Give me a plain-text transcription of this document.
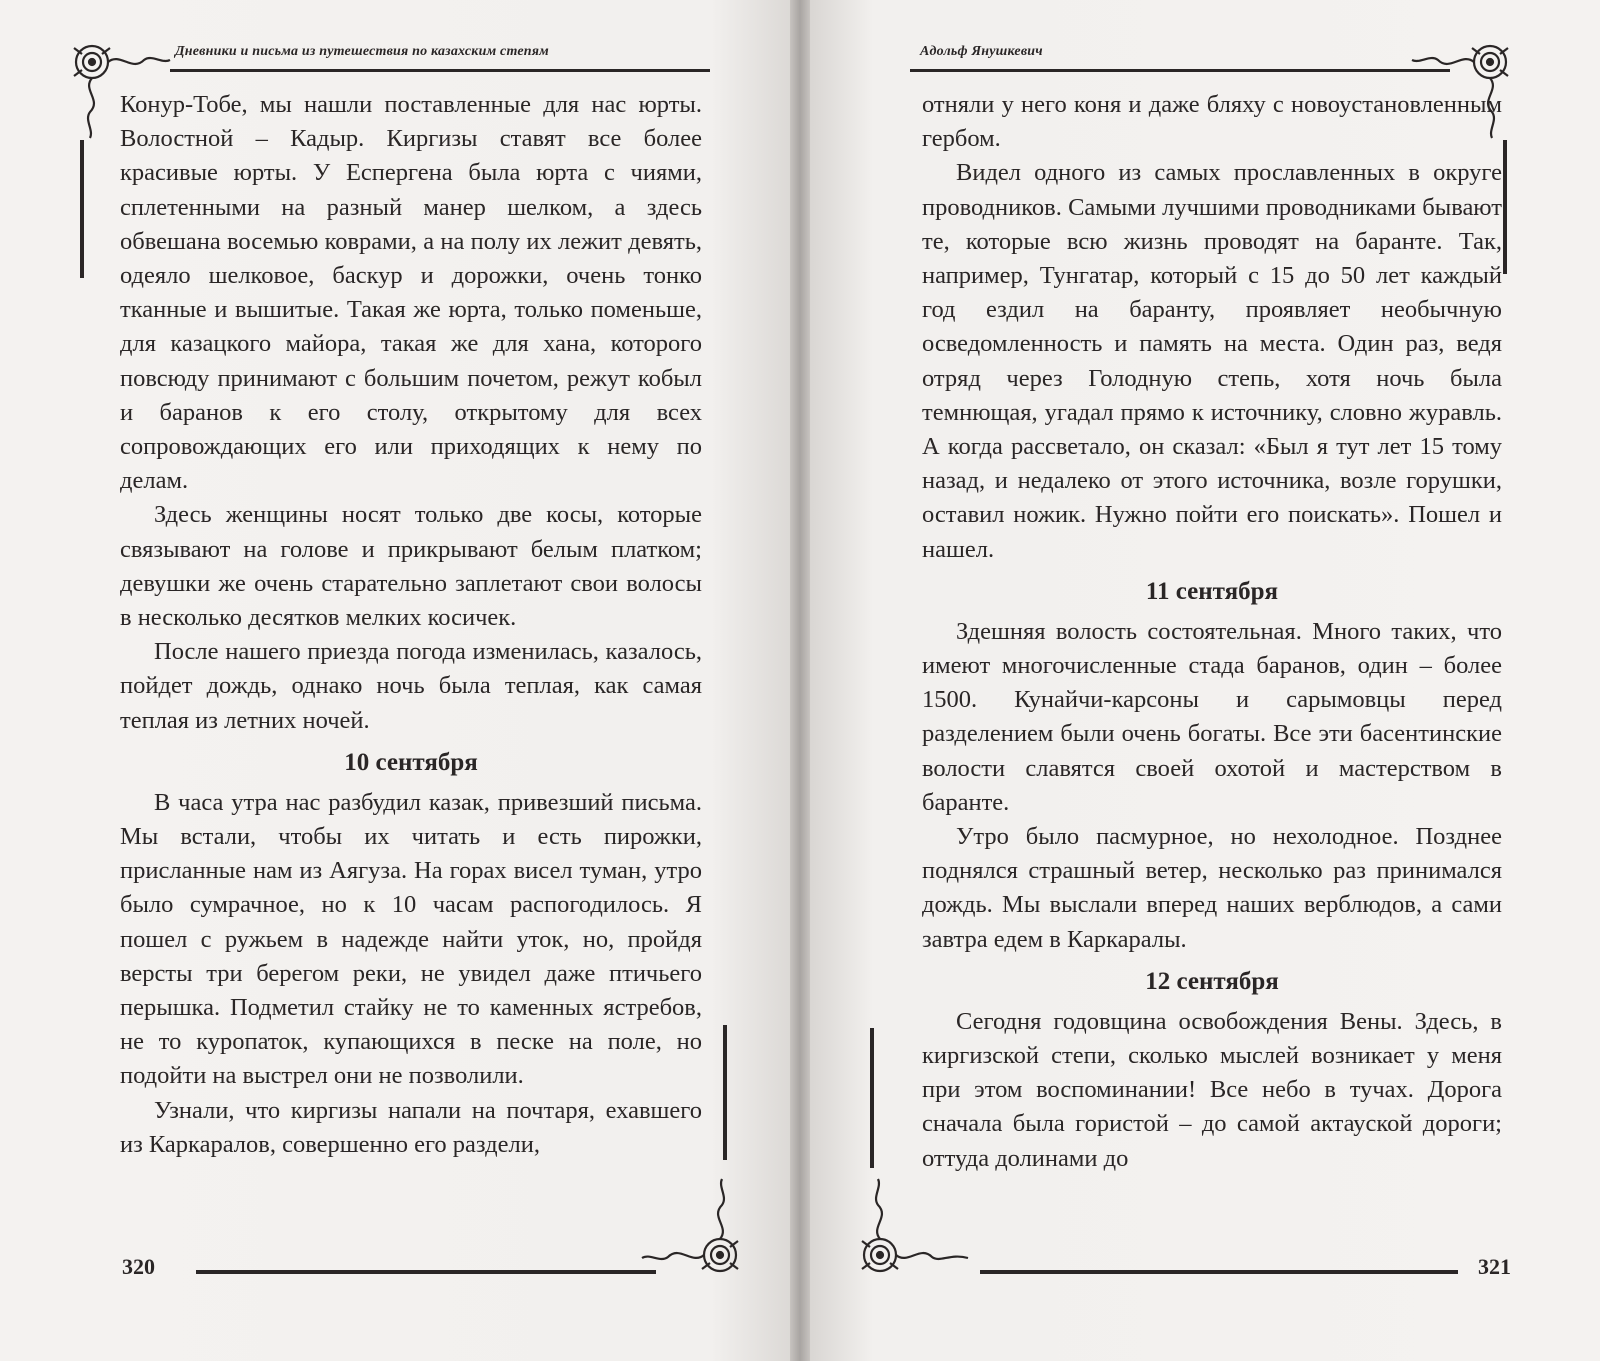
Дневники и письма из путешествия по казахским степям

Конур-Тобе, мы нашли поставленные для нас юрты. Волостной – Кадыр. Киргизы ставят все более красивые юрты. У Еспергена была юрта с чиями, сплетенными на разный манер шелком, а здесь обвешана восемью коврами, а на полу их лежит девять, одеяло шелковое, баскур и дорожки, очень тонко тканные и вышитые. Такая же юрта, только поменьше, для казацкого майора, такая же для хана, которого повсюду принимают с большим почетом, режут кобыл и баранов к его столу, открытому для всех сопровождающих его или приходящих к нему по делам.

Здесь женщины носят только две косы, которые связывают на голове и прикрывают белым платком; девушки же очень старательно заплетают свои волосы в несколько десятков мелких косичек.

После нашего приезда погода изменилась, казалось, пойдет дождь, однако ночь была теплая, как самая теплая из летних ночей.

10 сентября

В часа утра нас разбудил казак, привезший письма. Мы встали, чтобы их читать и есть пирожки, присланные нам из Аягуза. На горах висел туман, утро было сумрачное, но к 10 часам распогодилось. Я пошел с ружьем в надежде найти уток, но, пройдя версты три берегом реки, не увидел даже птичьего перышка. Подметил стайку не то каменных ястребов, не то куропаток, купающихся в песке на поле, но подойти на выстрел они не позволили.

Узнали, что киргизы напали на почтаря, ехавшего из Каркаралов, совершенно его раздели,

320
Адольф Янушкевич

отняли у него коня и даже бляху с новоустановленным гербом.

Видел одного из самых прославленных в округе проводников. Самыми лучшими проводниками бывают те, которые всю жизнь проводят на баранте. Так, например, Тунгатар, который с 15 до 50 лет каждый год ездил на баранту, проявляет необычную осведомленность и память на места. Один раз, ведя отряд через Голодную степь, хотя ночь была темнющая, угадал прямо к источнику, словно журавль. А когда рассветало, он сказал: «Был я тут лет 15 тому назад, и недалеко от этого источника, возле горушки, оставил ножик. Нужно пойти его поискать». Пошел и нашел.

11 сентября

Здешняя волость состоятельная. Много таких, что имеют многочисленные стада баранов, один – более 1500. Кунайчи-карсоны и сарымовцы перед разделением были очень богаты. Все эти басентинские волости славятся своей охотой и мастерством в баранте.

Утро было пасмурное, но нехолодное. Позднее поднялся страшный ветер, несколько раз принимался дождь. Мы выслали вперед наших верблюдов, а сами завтра едем в Каркаралы.

12 сентября

Сегодня годовщина освобождения Вены. Здесь, в киргизской степи, сколько мыслей возникает у меня при этом воспоминании! Все небо в тучах. Дорога сначала была гористой – до самой актауской дороги; оттуда долинами до

321
